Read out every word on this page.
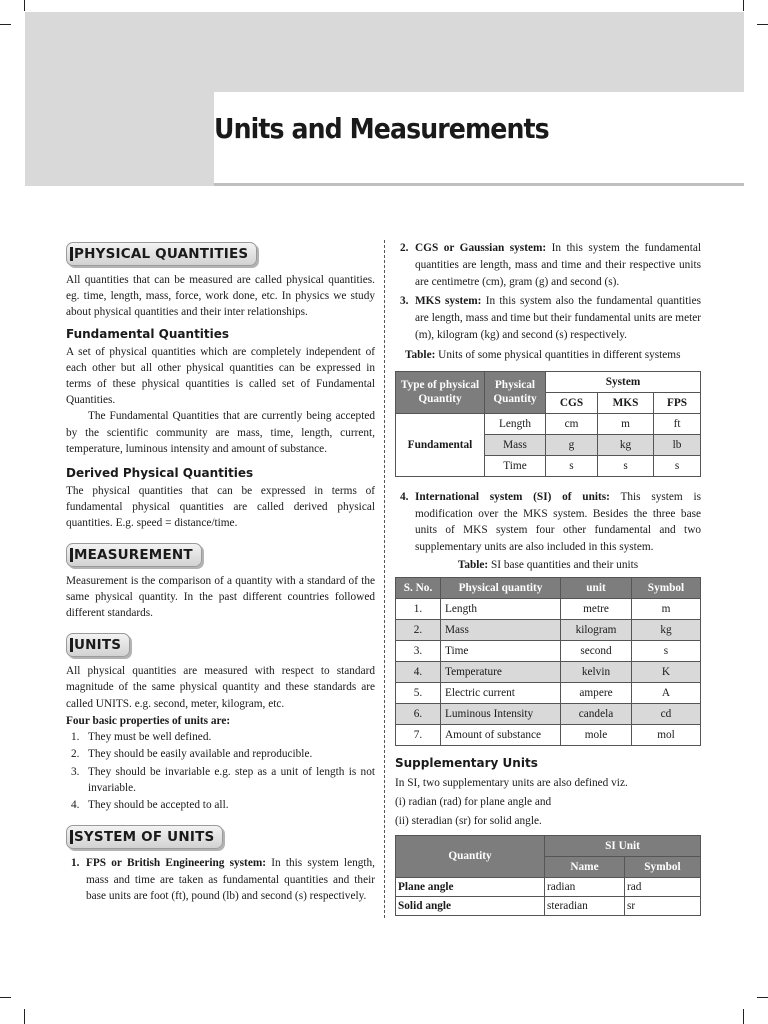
Units and Measurements
PHYSICAL QUANTITIES

All quantities that can be measured are called physical quantities. eg. time, length, mass, force, work done, etc. In physics we study about physical quantities and their inter relationships.

Fundamental Quantities

A set of physical quantities which are completely independent of each other but all other physical quantities can be expressed in terms of these physical quantities is called set of Fundamental Quantities.

The Fundamental Quantities that are currently being accepted by the scientific community are mass, time, length, current, temperature, luminous intensity and amount of substance.

Derived Physical Quantities

The physical quantities that can be expressed in terms of fundamental physical quantities are called derived physical quantities. E.g. speed = distance/time.

MEASUREMENT

Measurement is the comparison of a quantity with a standard of the same physical quantity. In the past different countries followed different standards.

UNITS

All physical quantities are measured with respect to standard magnitude of the same physical quantity and these standards are called UNITS. e.g. second, meter, kilogram, etc.

Four basic properties of units are:
1. They must be well defined.
2. They should be easily available and reproducible.
3. They should be invariable e.g. step as a unit of length is not invariable.
4. They should be accepted to all.
SYSTEM OF UNITS
1. FPS or British Engineering system: In this system length, mass and time are taken as fundamental quantities and their base units are foot (ft), pound (lb) and second (s) respectively.
2. CGS or Gaussian system: In this system the fundamental quantities are length, mass and time and their respective units are centimetre (cm), gram (g) and second (s).
3. MKS system: In this system also the fundamental quantities are length, mass and time but their fundamental units are meter (m), kilogram (kg) and second (s) respectively.
Table: Units of some physical quantities in different systems
Type of physical Quantity	Physical Quantity	System		
		CGS	MKS	FPS
Fundamental	Length	cm	m	ft
	Mass	g	kg	lb
	Time	s	s	s
4. International system (SI) of units: This system is modification over the MKS system. Besides the three base units of MKS system four other fundamental and two supplementary units are also included in this system.
Table: SI base quantities and their units
S. No.	Physical quantity	unit	Symbol
1.	Length	metre	m
2.	Mass	kilogram	kg
3.	Time	second	s
4.	Temperature	kelvin	K
5.	Electric current	ampere	A
6.	Luminous Intensity	candela	cd
7.	Amount of substance	mole	mol
Supplementary Units
In SI, two supplementary units are also defined viz.
(i) radian (rad) for plane angle and
(ii) steradian (sr) for solid angle.
Quantity	SI Unit	
	Name	Symbol
Plane angle	radian	rad
Solid angle	steradian	sr
